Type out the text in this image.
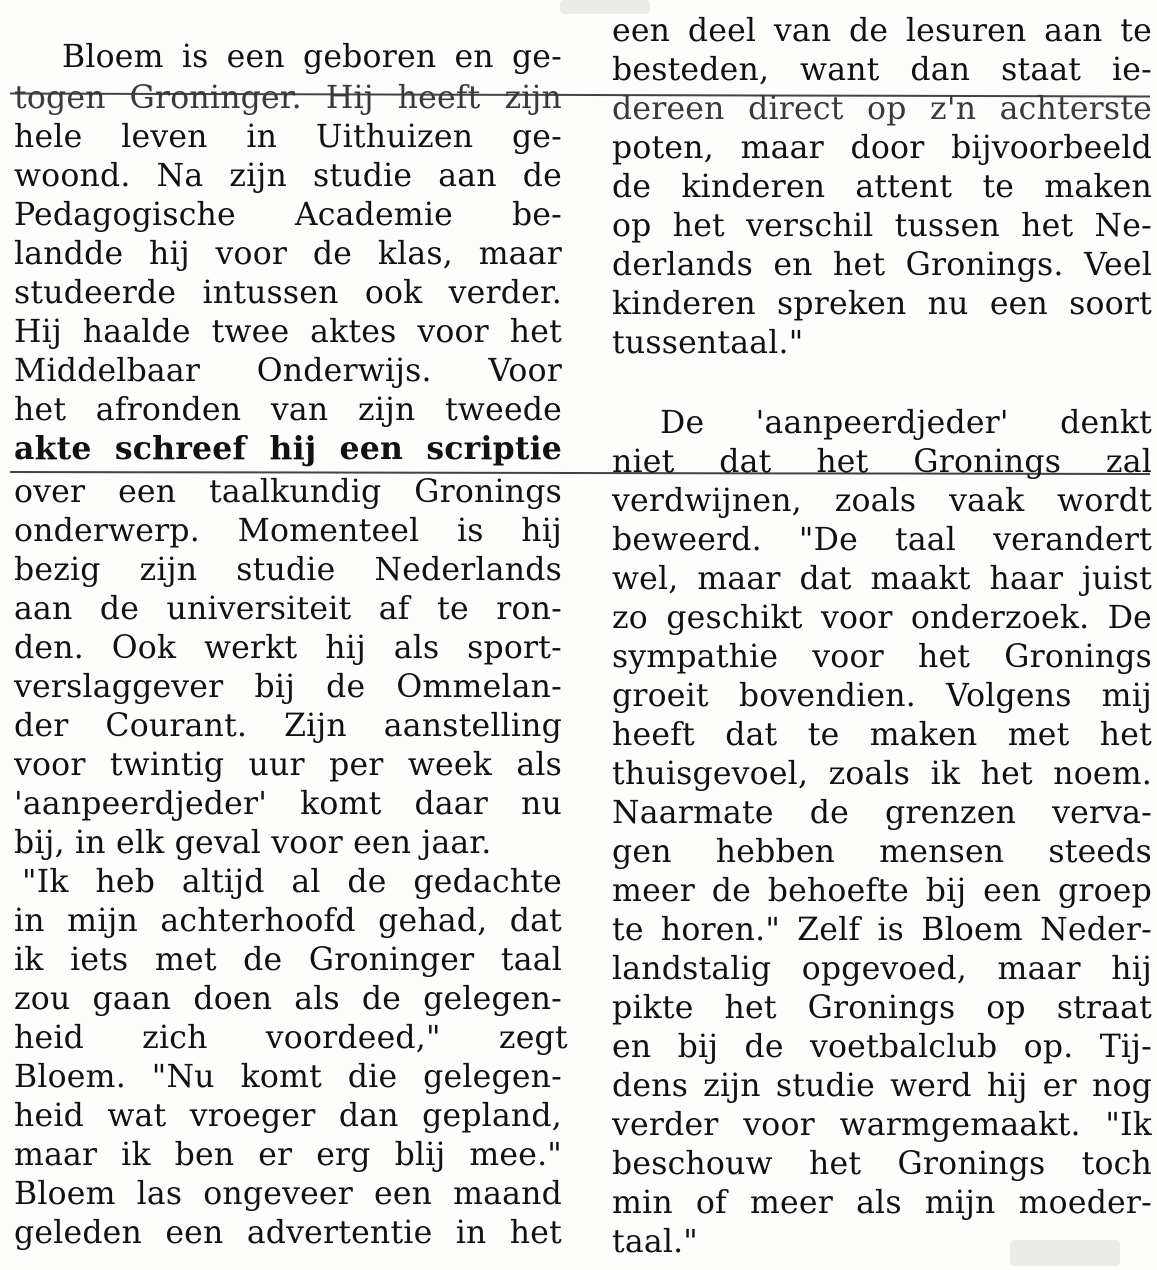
Bloem is een geboren en ge-
togen Groninger. Hij heeft zijn
hele leven in Uithuizen ge-
woond. Na zijn studie aan de
Pedagogische Academie be-
landde hij voor de klas, maar
studeerde intussen ook verder.
Hij haalde twee aktes voor het
Middelbaar Onderwijs. Voor
het afronden van zijn tweede
akte schreef hij een scriptie
over een taalkundig Gronings
onderwerp. Momenteel is hij
bezig zijn studie Nederlands
aan de universiteit af te ron-
den. Ook werkt hij als sport-
verslaggever bij de Ommelan-
der Courant. Zijn aanstelling
voor twintig uur per week als
'aanpeerdjeder' komt daar nu
bij, in elk geval voor een jaar.
"Ik heb altijd al de gedachte
in mijn achterhoofd gehad, dat
ik iets met de Groninger taal
zou gaan doen als de gelegen-
heid zich voordeed," zegt
Bloem. "Nu komt die gelegen-
heid wat vroeger dan gepland,
maar ik ben er erg blij mee."
Bloem las ongeveer een maand
geleden een advertentie in het
een deel van de lesuren aan te
besteden, want dan staat ie-
dereen direct op z'n achterste
poten, maar door bijvoorbeeld
de kinderen attent te maken
op het verschil tussen het Ne-
derlands en het Gronings. Veel
kinderen spreken nu een soort
tussentaal."
De 'aanpeerdjeder' denkt
niet dat het Gronings zal
verdwijnen, zoals vaak wordt
beweerd. "De taal verandert
wel, maar dat maakt haar juist
zo geschikt voor onderzoek. De
sympathie voor het Gronings
groeit bovendien. Volgens mij
heeft dat te maken met het
thuisgevoel, zoals ik het noem.
Naarmate de grenzen verva-
gen hebben mensen steeds
meer de behoefte bij een groep
te horen." Zelf is Bloem Neder-
landstalig opgevoed, maar hij
pikte het Gronings op straat
en bij de voetbalclub op. Tij-
dens zijn studie werd hij er nog
verder voor warmgemaakt. "Ik
beschouw het Gronings toch
min of meer als mijn moeder-
taal."
